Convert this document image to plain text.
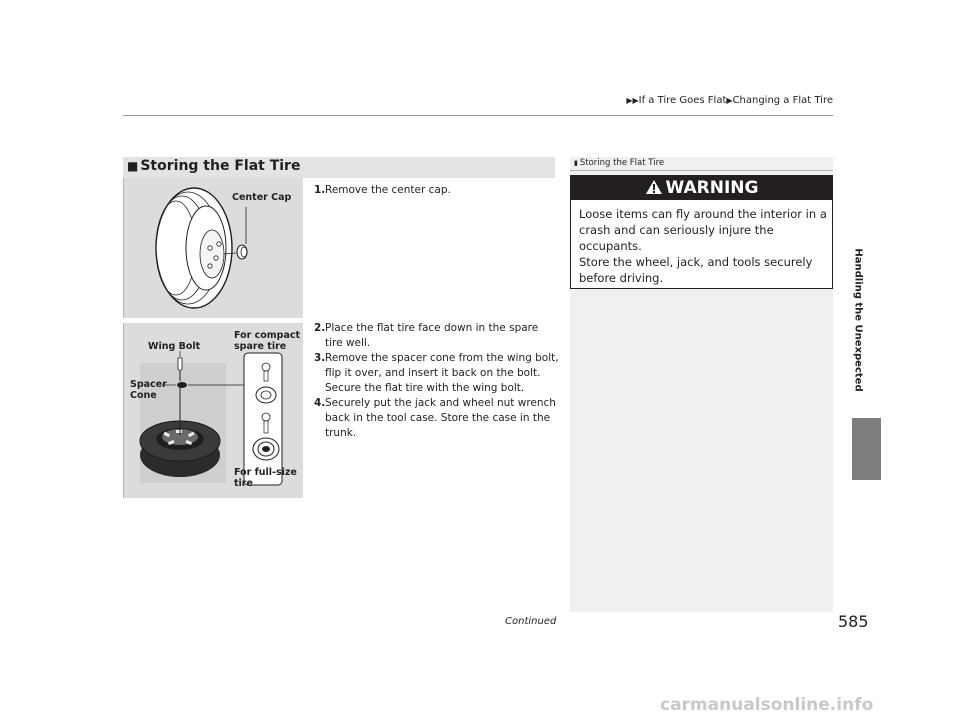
▶▶If a Tire Goes Flat▶Changing a Flat Tire
Handling the Unexpected
■ Storing the Flat Tire
Center Cap
Wing Bolt
For compact
spare tire
Spacer
Cone
For full-size
tire
1. Remove the center cap.
2. Place the flat tire face down in the spare tire well.
3. Remove the spacer cone from the wing bolt, flip it over, and insert it back on the bolt. Secure the flat tire with the wing bolt.
4. Securely put the jack and wheel nut wrench back in the tool case. Store the case in the trunk.
▮ Storing the Flat Tire
WARNING
Loose items can fly around the interior in a crash and can seriously injure the occupants.
Store the wheel, jack, and tools securely before driving.
Continued	585
carmanualsonline.info
